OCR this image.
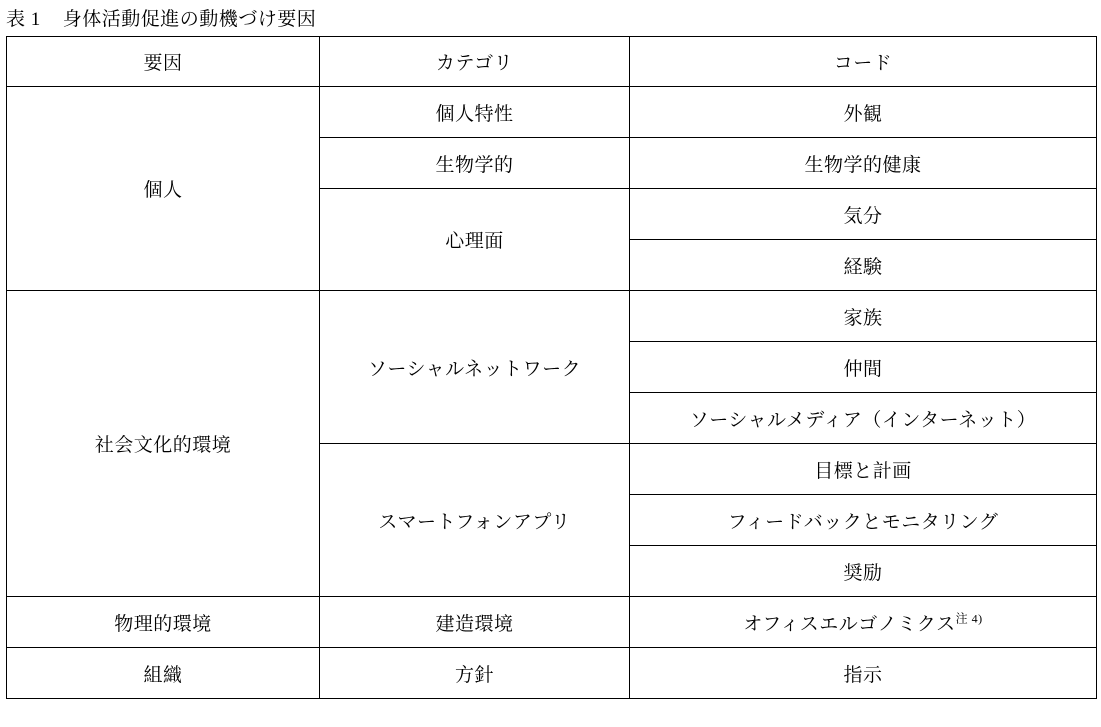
表 1 身体活動促進の動機づけ要因
要因	カテゴリ	コード
個人	個人特性	外観
	生物学的	生物学的健康
	心理面	気分
		経験
社会文化的環境	ソーシャルネットワーク	家族
		仲間
		ソーシャルメディア（インターネット）
	スマートフォンアプリ	目標と計画
		フィードバックとモニタリング
		奨励
物理的環境	建造環境	オフィスエルゴノミクス$^{注 4)}$
組織	方針	指示
